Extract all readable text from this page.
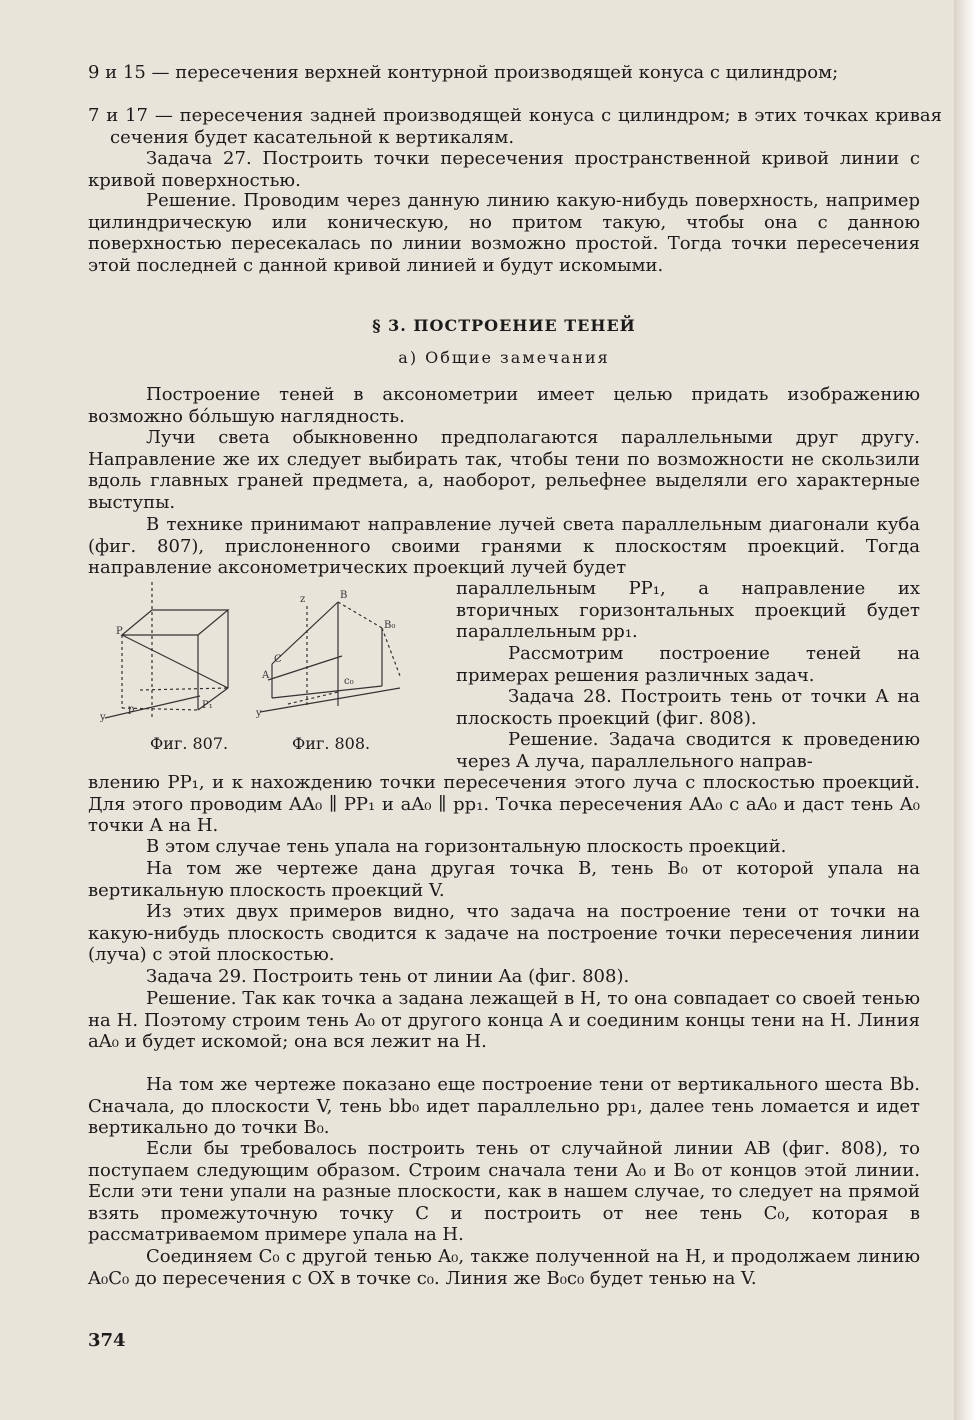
9 и 15 — пересечения верхней контурной производящей конуса с цилиндром;

7 и 17 — пересечения задней производящей конуса с цилиндром; в этих точках кривая сечения будет касательной к вертикалям.

Задача 27. Построить точки пересечения пространственной кривой линии с кривой поверхностью.

Решение. Проводим через данную линию какую-нибудь поверхность, например цилиндрическую или коническую, но притом такую, чтобы она с данною поверхностью пересекалась по линии возможно простой. Тогда точки пересечения этой последней с данной кривой линией и будут искомыми.

§ 3. ПОСТРОЕНИЕ ТЕНЕЙ

а) Общие замечания

Построение теней в аксонометрии имеет целью придать изображению возможно бо́льшую наглядность.

Лучи света обыкновенно предполагаются параллельными друг другу. Направление же их следует выбирать так, чтобы тени по возможности не скользили вдоль главных граней предмета, а, наоборот, рельефнее выделяли его характерные выступы.

В технике принимают направление лучей света параллельным диагонали куба (фиг. 807), прислоненного своими гранями к плоскостям проекций. Тогда направление аксонометрических проекций лучей будет

P
P₁
p
y
B
B₀
C
A
c₀
z
y
Фиг. 807.	Фиг. 808.

параллельным PP₁, а направление их вторичных горизонтальных проекций будет параллельным pp₁.

Рассмотрим построение теней на примерах решения различных задач.

Задача 28. Построить тень от точки A на плоскость проекций (фиг. 808).

Решение. Задача сводится к проведению через A луча, параллельного направ-

влению PP₁, и к нахождению точки пересечения этого луча с плоскостью проекций. Для этого проводим AA₀ ∥ PP₁ и aA₀ ∥ pp₁. Точка пересечения AA₀ с aA₀ и даст тень A₀ точки A на H.

В этом случае тень упала на горизонтальную плоскость проекций.

На том же чертеже дана другая точка B, тень B₀ от которой упала на вертикальную плоскость проекций V.

Из этих двух примеров видно, что задача на построение тени от точки на какую-нибудь плоскость сводится к задаче на построение точки пересечения линии (луча) с этой плоскостью.

Задача 29. Построить тень от линии Aa (фиг. 808).

Решение. Так как точка a задана лежащей в H, то она совпадает со своей тенью на H. Поэтому строим тень A₀ от другого конца A и соединим концы тени на H. Линия aA₀ и будет искомой; она вся лежит на H.

На том же чертеже показано еще построение тени от вертикального шеста Bb. Сначала, до плоскости V, тень bb₀ идет параллельно pp₁, далее тень ломается и идет вертикально до точки B₀.

Если бы требовалось построить тень от случайной линии AB (фиг. 808), то поступаем следующим образом. Строим сначала тени A₀ и B₀ от концов этой линии. Если эти тени упали на разные плоскости, как в нашем случае, то следует на прямой взять промежуточную точку C и построить от нее тень C₀, которая в рассматриваемом примере упала на H.

Соединяем C₀ с другой тенью A₀, также полученной на H, и продолжаем линию A₀C₀ до пересечения с OX в точке c₀. Линия же B₀c₀ будет тенью на V.

374
